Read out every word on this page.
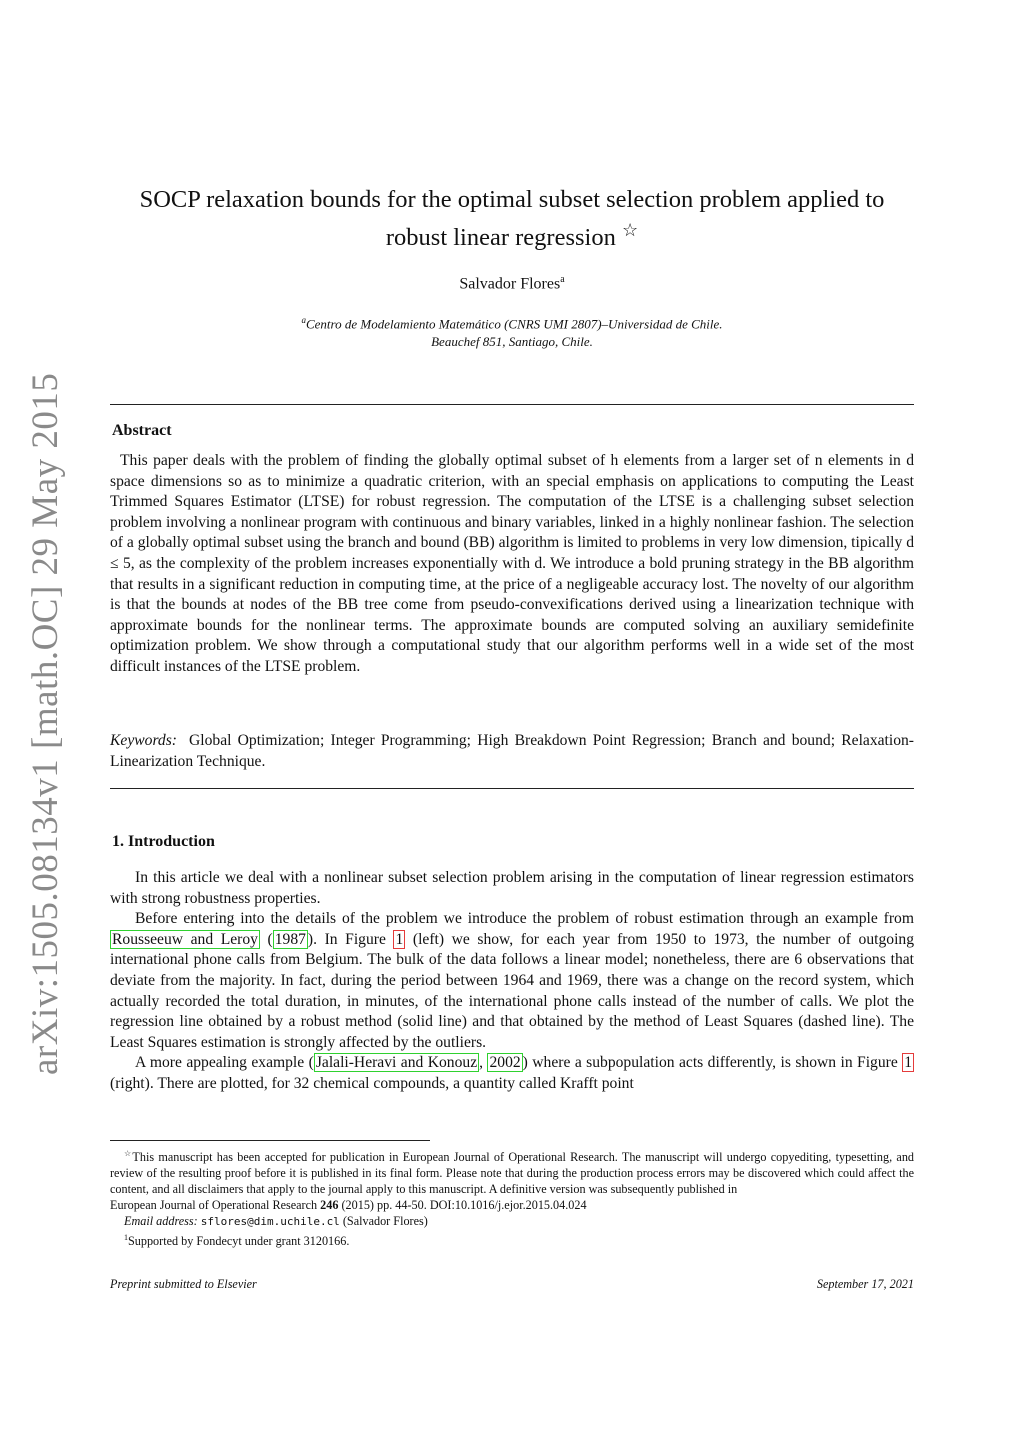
arXiv:1505.08134v1 [math.OC] 29 May 2015
SOCP relaxation bounds for the optimal subset selection problem applied to
robust linear regression ☆
Salvador Flores$^a$
$^a$Centro de Modelamiento Matemático (CNRS UMI 2807)–Universidad de Chile.
Beauchef 851, Santiago, Chile.
Abstract

This paper deals with the problem of finding the globally optimal subset of h elements from a larger set of n elements in d space dimensions so as to minimize a quadratic criterion, with an special emphasis on applications to computing the Least Trimmed Squares Estimator (LTSE) for robust regression. The computation of the LTSE is a challenging subset selection problem involving a nonlinear program with continuous and binary variables, linked in a highly nonlinear fashion. The selection of a globally optimal subset using the branch and bound (BB) algorithm is limited to problems in very low dimension, tipically d ≤ 5, as the complexity of the problem increases exponentially with d. We introduce a bold pruning strategy in the BB algorithm that results in a significant reduction in computing time, at the price of a negligeable accuracy lost. The novelty of our algorithm is that the bounds at nodes of the BB tree come from pseudo-convexifications derived using a linearization technique with approximate bounds for the nonlinear terms. The approximate bounds are computed solving an auxiliary semidefinite optimization problem. We show through a computational study that our algorithm performs well in a wide set of the most difficult instances of the LTSE problem.

Keywords: Global Optimization; Integer Programming; High Breakdown Point Regression; Branch and bound; Relaxation-Linearization Technique.

1. Introduction

In this article we deal with a nonlinear subset selection problem arising in the computation of linear regression estimators with strong robustness properties.

Before entering into the details of the problem we introduce the problem of robust estimation through an example from Rousseeuw and Leroy ( 1987 ). In Figure 1 (left) we show, for each year from 1950 to 1973, the number of outgoing international phone calls from Belgium. The bulk of the data follows a linear model; nonetheless, there are 6 observations that deviate from the majority. In fact, during the period between 1964 and 1969, there was a change on the record system, which actually recorded the total duration, in minutes, of the international phone calls instead of the number of calls. We plot the regression line obtained by a robust method (solid line) and that obtained by the method of Least Squares (dashed line). The Least Squares estimation is strongly affected by the outliers.

A more appealing example ( Jalali-Heravi and Konouz , 2002 ) where a subpopulation acts differently, is shown in Figure 1 (right). There are plotted, for 32 chemical compounds, a quantity called Krafft point

☆This manuscript has been accepted for publication in European Journal of Operational Research. The manuscript will undergo copyediting, typesetting, and review of the resulting proof before it is published in its final form. Please note that during the production process errors may be discovered which could affect the content, and all disclaimers that apply to the journal apply to this manuscript. A definitive version was subsequently published in

European Journal of Operational Research 246 (2015) pp. 44-50. DOI:10.1016/j.ejor.2015.04.024

Email address: sflores@dim.uchile.cl (Salvador Flores)

$^1$Supported by Fondecyt under grant 3120166.

Preprint submitted to Elsevier	September 17, 2021
